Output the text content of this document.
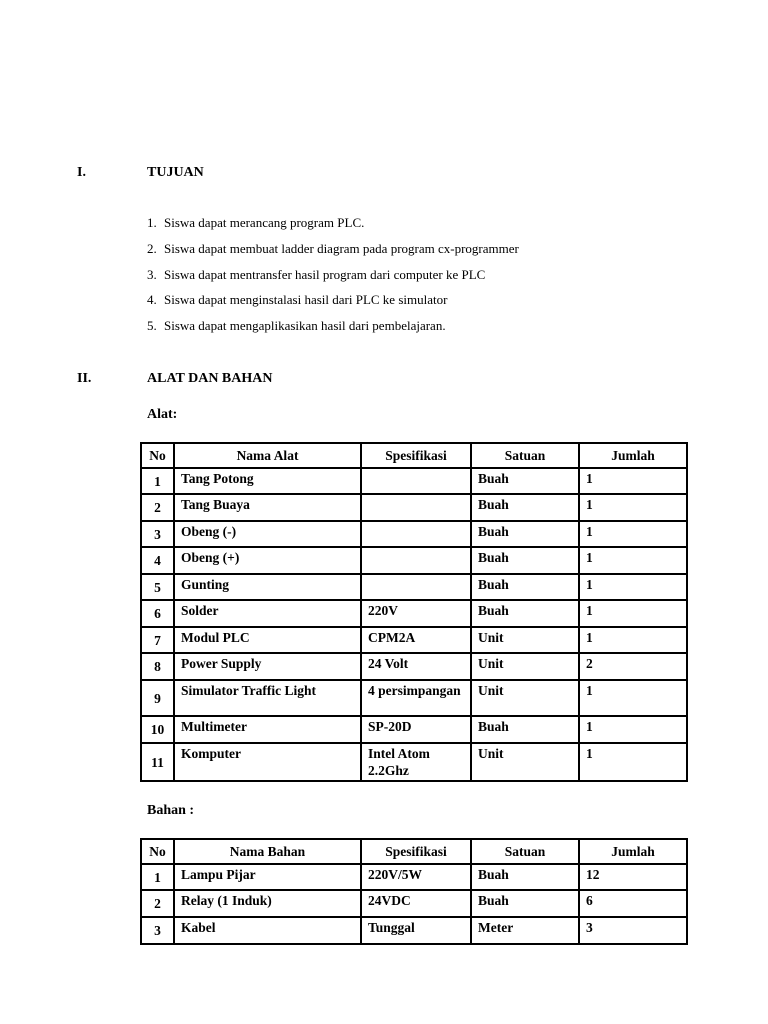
I.	TUJUAN
1. Siswa dapat merancang program PLC.
2. Siswa dapat membuat ladder diagram pada program cx-programmer
3. Siswa dapat mentransfer hasil program dari computer ke PLC
4. Siswa dapat menginstalasi hasil dari PLC ke simulator
5. Siswa dapat mengaplikasikan hasil dari pembelajaran.
II.	ALAT DAN BAHAN
Alat:
No	Nama Alat	Spesifikasi	Satuan	Jumlah
1	Tang Potong		Buah	1
2	Tang Buaya		Buah	1
3	Obeng (-)		Buah	1
4	Obeng (+)		Buah	1
5	Gunting		Buah	1
6	Solder	220V	Buah	1
7	Modul PLC	CPM2A	Unit	1
8	Power Supply	24 Volt	Unit	2
9	Simulator Traffic Light	4 persimpangan	Unit	1
10	Multimeter	SP-20D	Buah	1
11	Komputer	Intel Atom 2.2Ghz	Unit	1
Bahan :
No	Nama Bahan	Spesifikasi	Satuan	Jumlah
1	Lampu Pijar	220V/5W	Buah	12
2	Relay (1 Induk)	24VDC	Buah	6
3	Kabel	Tunggal	Meter	3
